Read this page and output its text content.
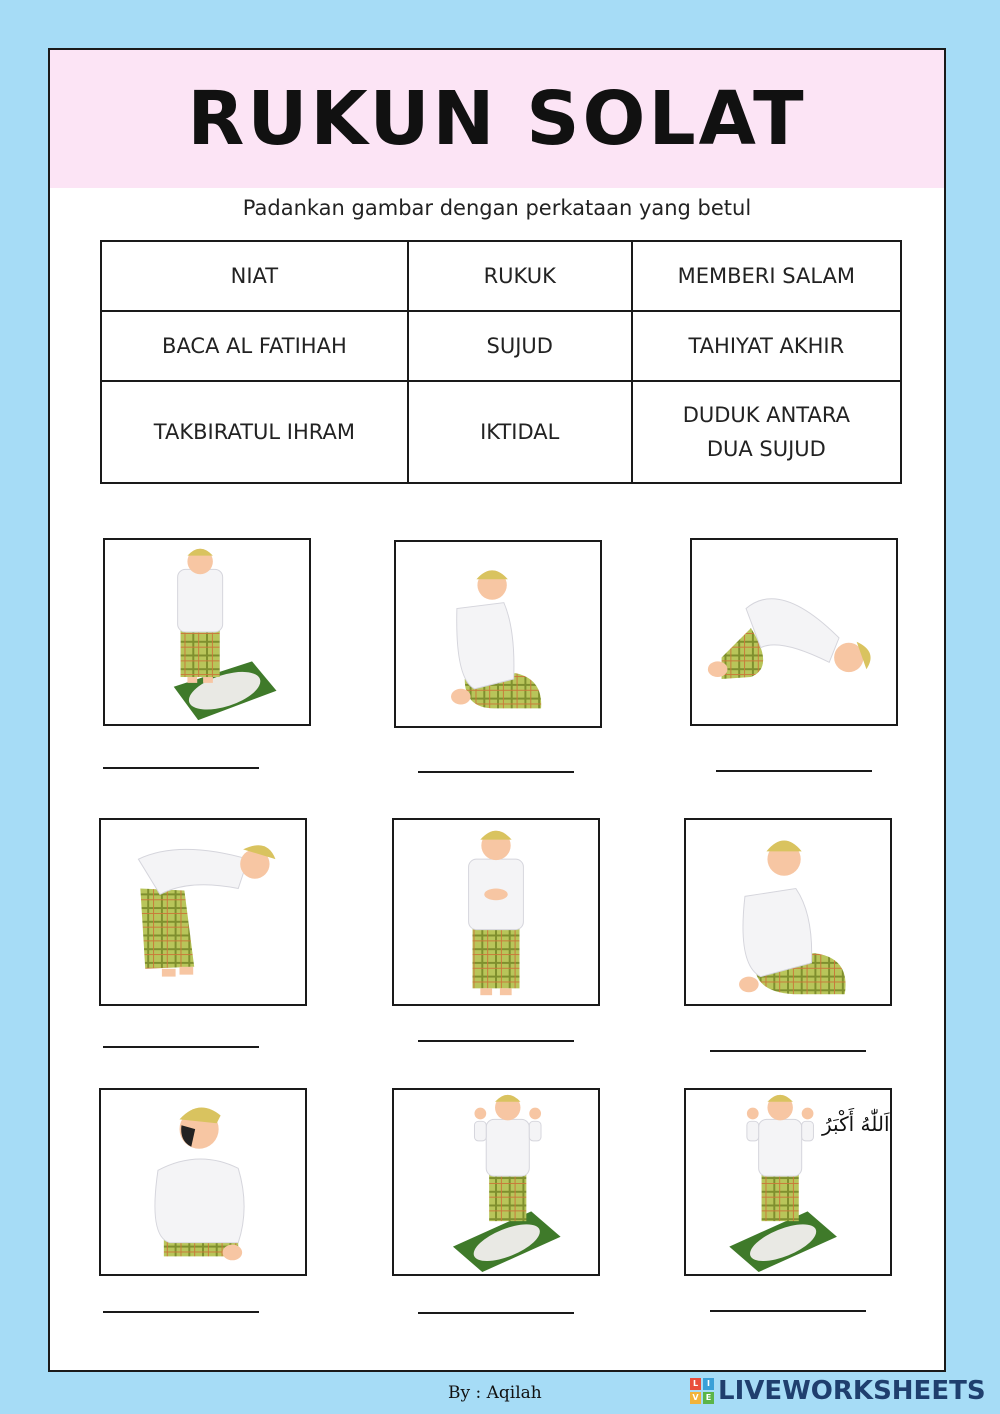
RUKUN SOLAT
Padankan gambar dengan perkataan yang betul
NIAT	RUKUK	MEMBERI SALAM
BACA AL FATIHAH	SUJUD	TAHIYAT AKHIR
TAKBIRATUL IHRAM	IKTIDAL	DUDUK ANTARA DUA SUJUD
اَللّٰهُ أَكْبَرُ
By : Aqilah	L	I
V E LIVEWORKSHEETS
